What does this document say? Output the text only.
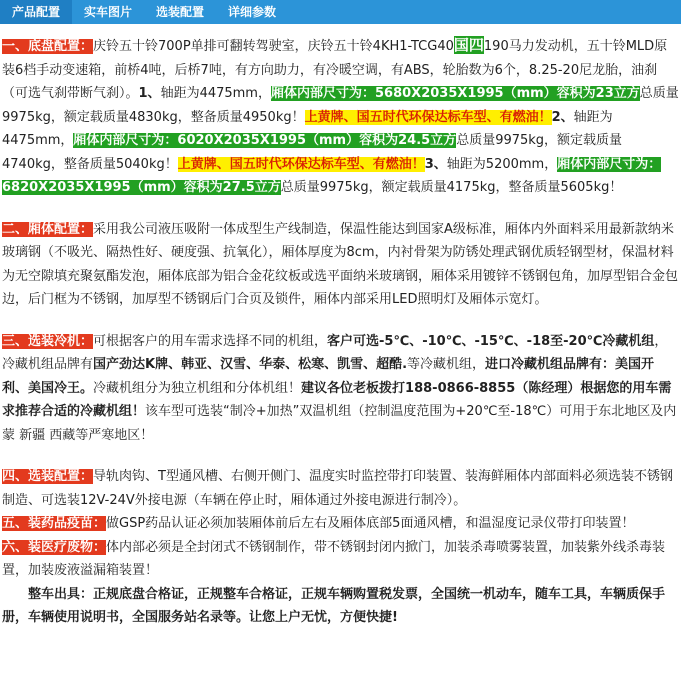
产品配置	实车图片	选装配置	详细参数

一、底盘配置：庆铃五十铃700P单排可翻转驾驶室，庆铃五十铃4KH1-TCG40国四190马力发动机，五十铃MLD原装6档手动变速箱，前桥4吨，后桥7吨，有方向助力，有冷暖空调，有ABS，轮胎数为6个，8.25-20尼龙胎，油刹（可选气刹带断气刹）。1、轴距为4475mm，厢体内部尺寸为：5680X2035X1995（mm）容积为23立方总质量9975kg，额定载质量4830kg，整备质量4950kg！上黄牌、国五时代环保达标车型、有燃油！2、轴距为4475mm，厢体内部尺寸为：6020X2035X1995（mm）容积为24.5立方总质量9975kg，额定载质量4740kg，整备质量5040kg！上黄牌、国五时代环保达标车型、有燃油！3、轴距为5200mm，厢体内部尺寸为：6820X2035X1995（mm）容积为27.5立方总质量9975kg，额定载质量4175kg，整备质量5605kg！

二、厢体配置：采用我公司液压吸附一体成型生产线制造，保温性能达到国家A级标准，厢体内外面料采用最新款纳米玻璃钢（不吸光、隔热性好、硬度强、抗氧化），厢体厚度为8cm，内衬骨架为防锈处理武钢优质轻钢型材，保温材料为无空隙填充聚氨酯发泡，厢体底部为铝合金花纹板或选平面纳米玻璃钢，厢体采用镀锌不锈钢包角，加厚型铝合金包边，后门框为不锈钢，加厚型不锈钢后门合页及锁件，厢体内部采用LED照明灯及厢体示宽灯。

三、选装冷机：可根据客户的用车需求选择不同的机组，客户可选-5℃、-10℃、-15℃、-18至-20℃冷藏机组，冷藏机组品牌有国产劲达K牌、韩亚、汉雪、华泰、松寒、凯雪、超酷.等冷藏机组，进口冷藏机组品牌有：美国开利、美国冷王。冷藏机组分为独立机组和分体机组！建议各位老板拨打188-0866-8855（陈经理）根据您的用车需求推荐合适的冷藏机组！该车型可选装“制冷+加热”双温机组（控制温度范围为+20℃至-18℃）可用于东北地区及内蒙 新疆 西藏等严寒地区！

四、选装配置：导轨肉钩、T型通风槽、右侧开侧门、温度实时监控带打印装置、装海鲜厢体内部面料必须选装不锈钢制造、可选装12V-24V外接电源（车辆在停止时，厢体通过外接电源进行制冷）。

五、装药品疫苗：做GSP药品认证必须加装厢体前后左右及厢体底部5面通风槽，和温湿度记录仪带打印装置！

六、装医疗废物：体内部必须是全封闭式不锈钢制作，带不锈钢封闭内掀门，加装杀毒喷雾装置，加装紫外线杀毒装置，加装废液溢漏箱装置！

整车出具：正规底盘合格证，正规整车合格证，正规车辆购置税发票，全国统一机动车，随车工具，车辆质保手册，车辆使用说明书，全国服务站名录等。让您上户无忧，方便快捷!
